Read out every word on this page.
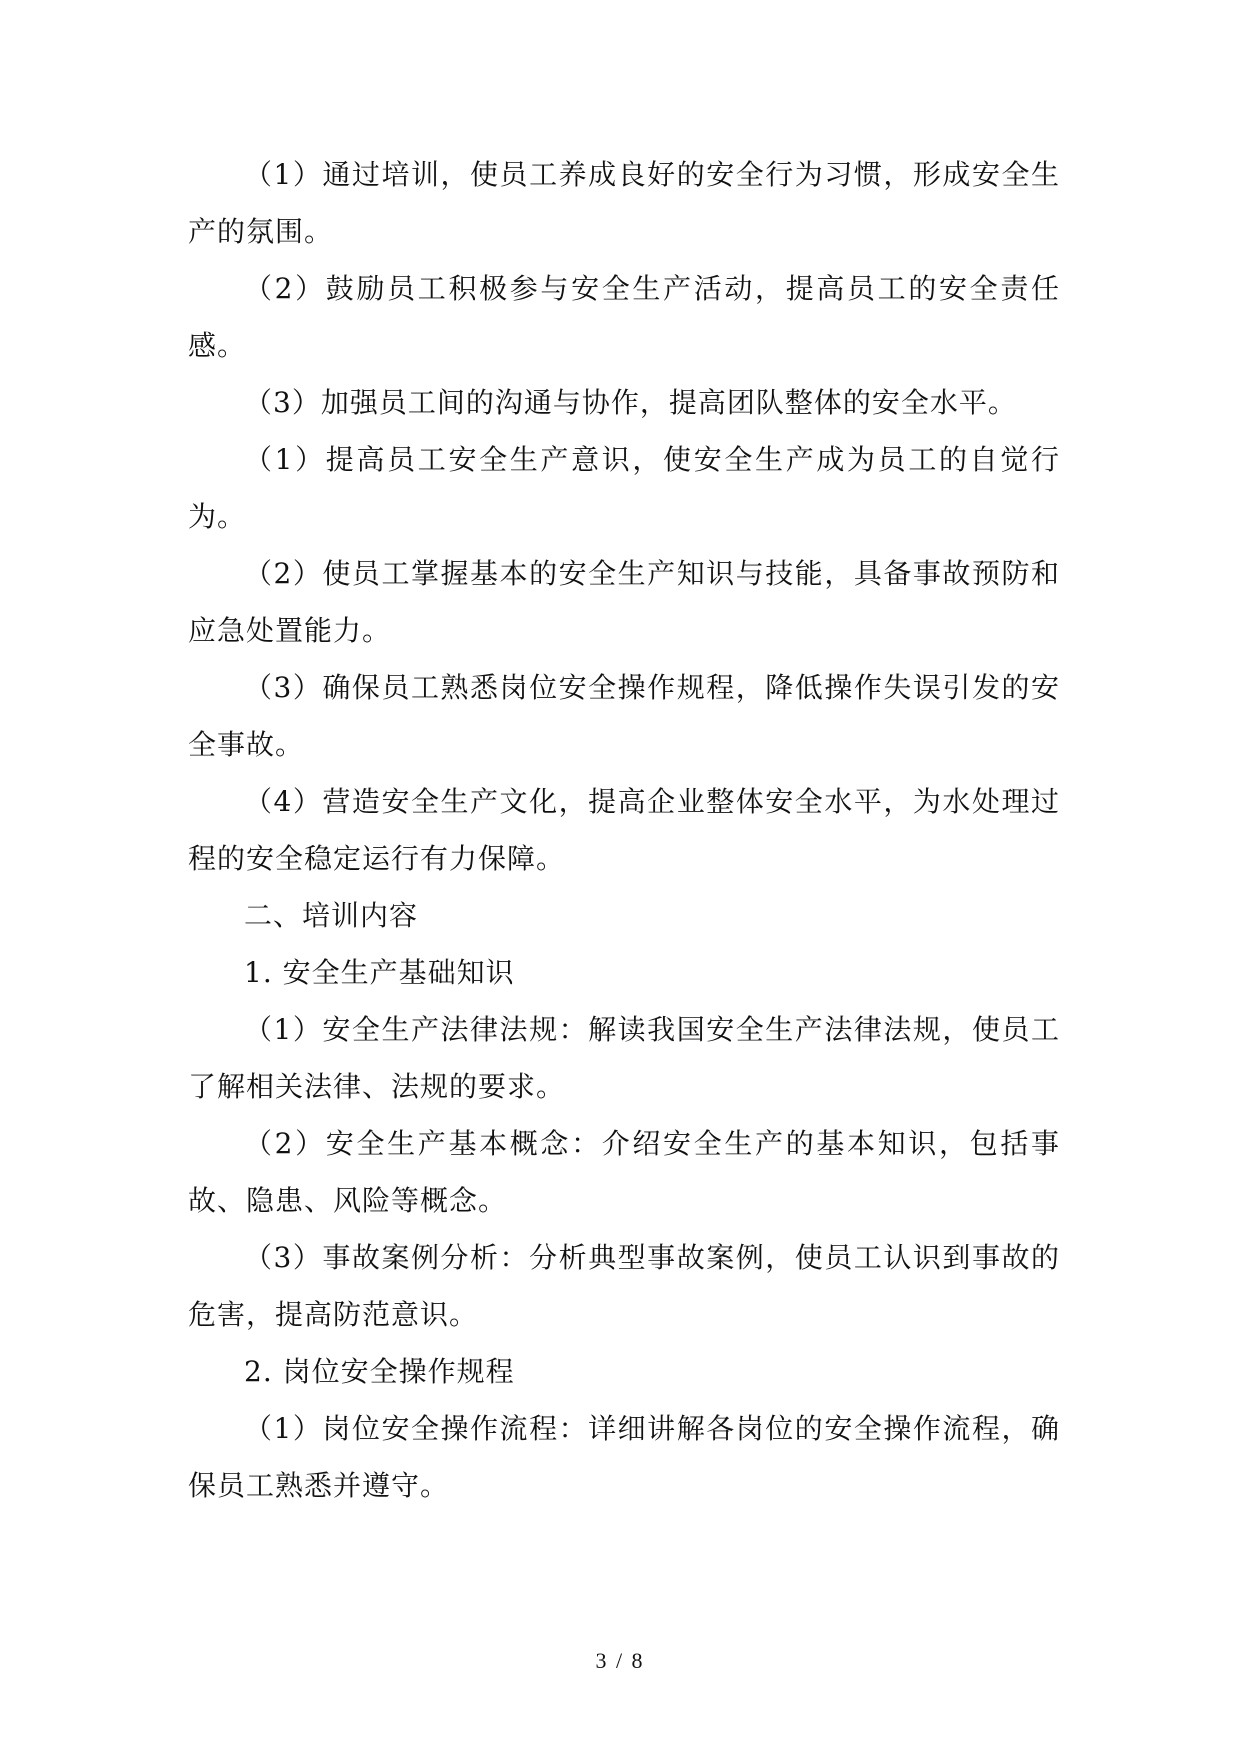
（1）通过培训，使员工养成良好的安全行为习惯，形成安全生产的氛围。

（2）鼓励员工积极参与安全生产活动，提高员工的安全责任感。

（3）加强员工间的沟通与协作，提高团队整体的安全水平。

（1）提高员工安全生产意识，使安全生产成为员工的自觉行为。

（2）使员工掌握基本的安全生产知识与技能，具备事故预防和应急处置能力。

（3）确保员工熟悉岗位安全操作规程，降低操作失误引发的安全事故。

（4）营造安全生产文化，提高企业整体安全水平，为水处理过程的安全稳定运行有力保障。

二、培训内容

1. 安全生产基础知识

（1）安全生产法律法规：解读我国安全生产法律法规，使员工了解相关法律、法规的要求。

（2）安全生产基本概念：介绍安全生产的基本知识，包括事故、隐患、风险等概念。

（3）事故案例分析：分析典型事故案例，使员工认识到事故的危害，提高防范意识。

2. 岗位安全操作规程

（1）岗位安全操作流程：详细讲解各岗位的安全操作流程，确保员工熟悉并遵守。

3 / 8
